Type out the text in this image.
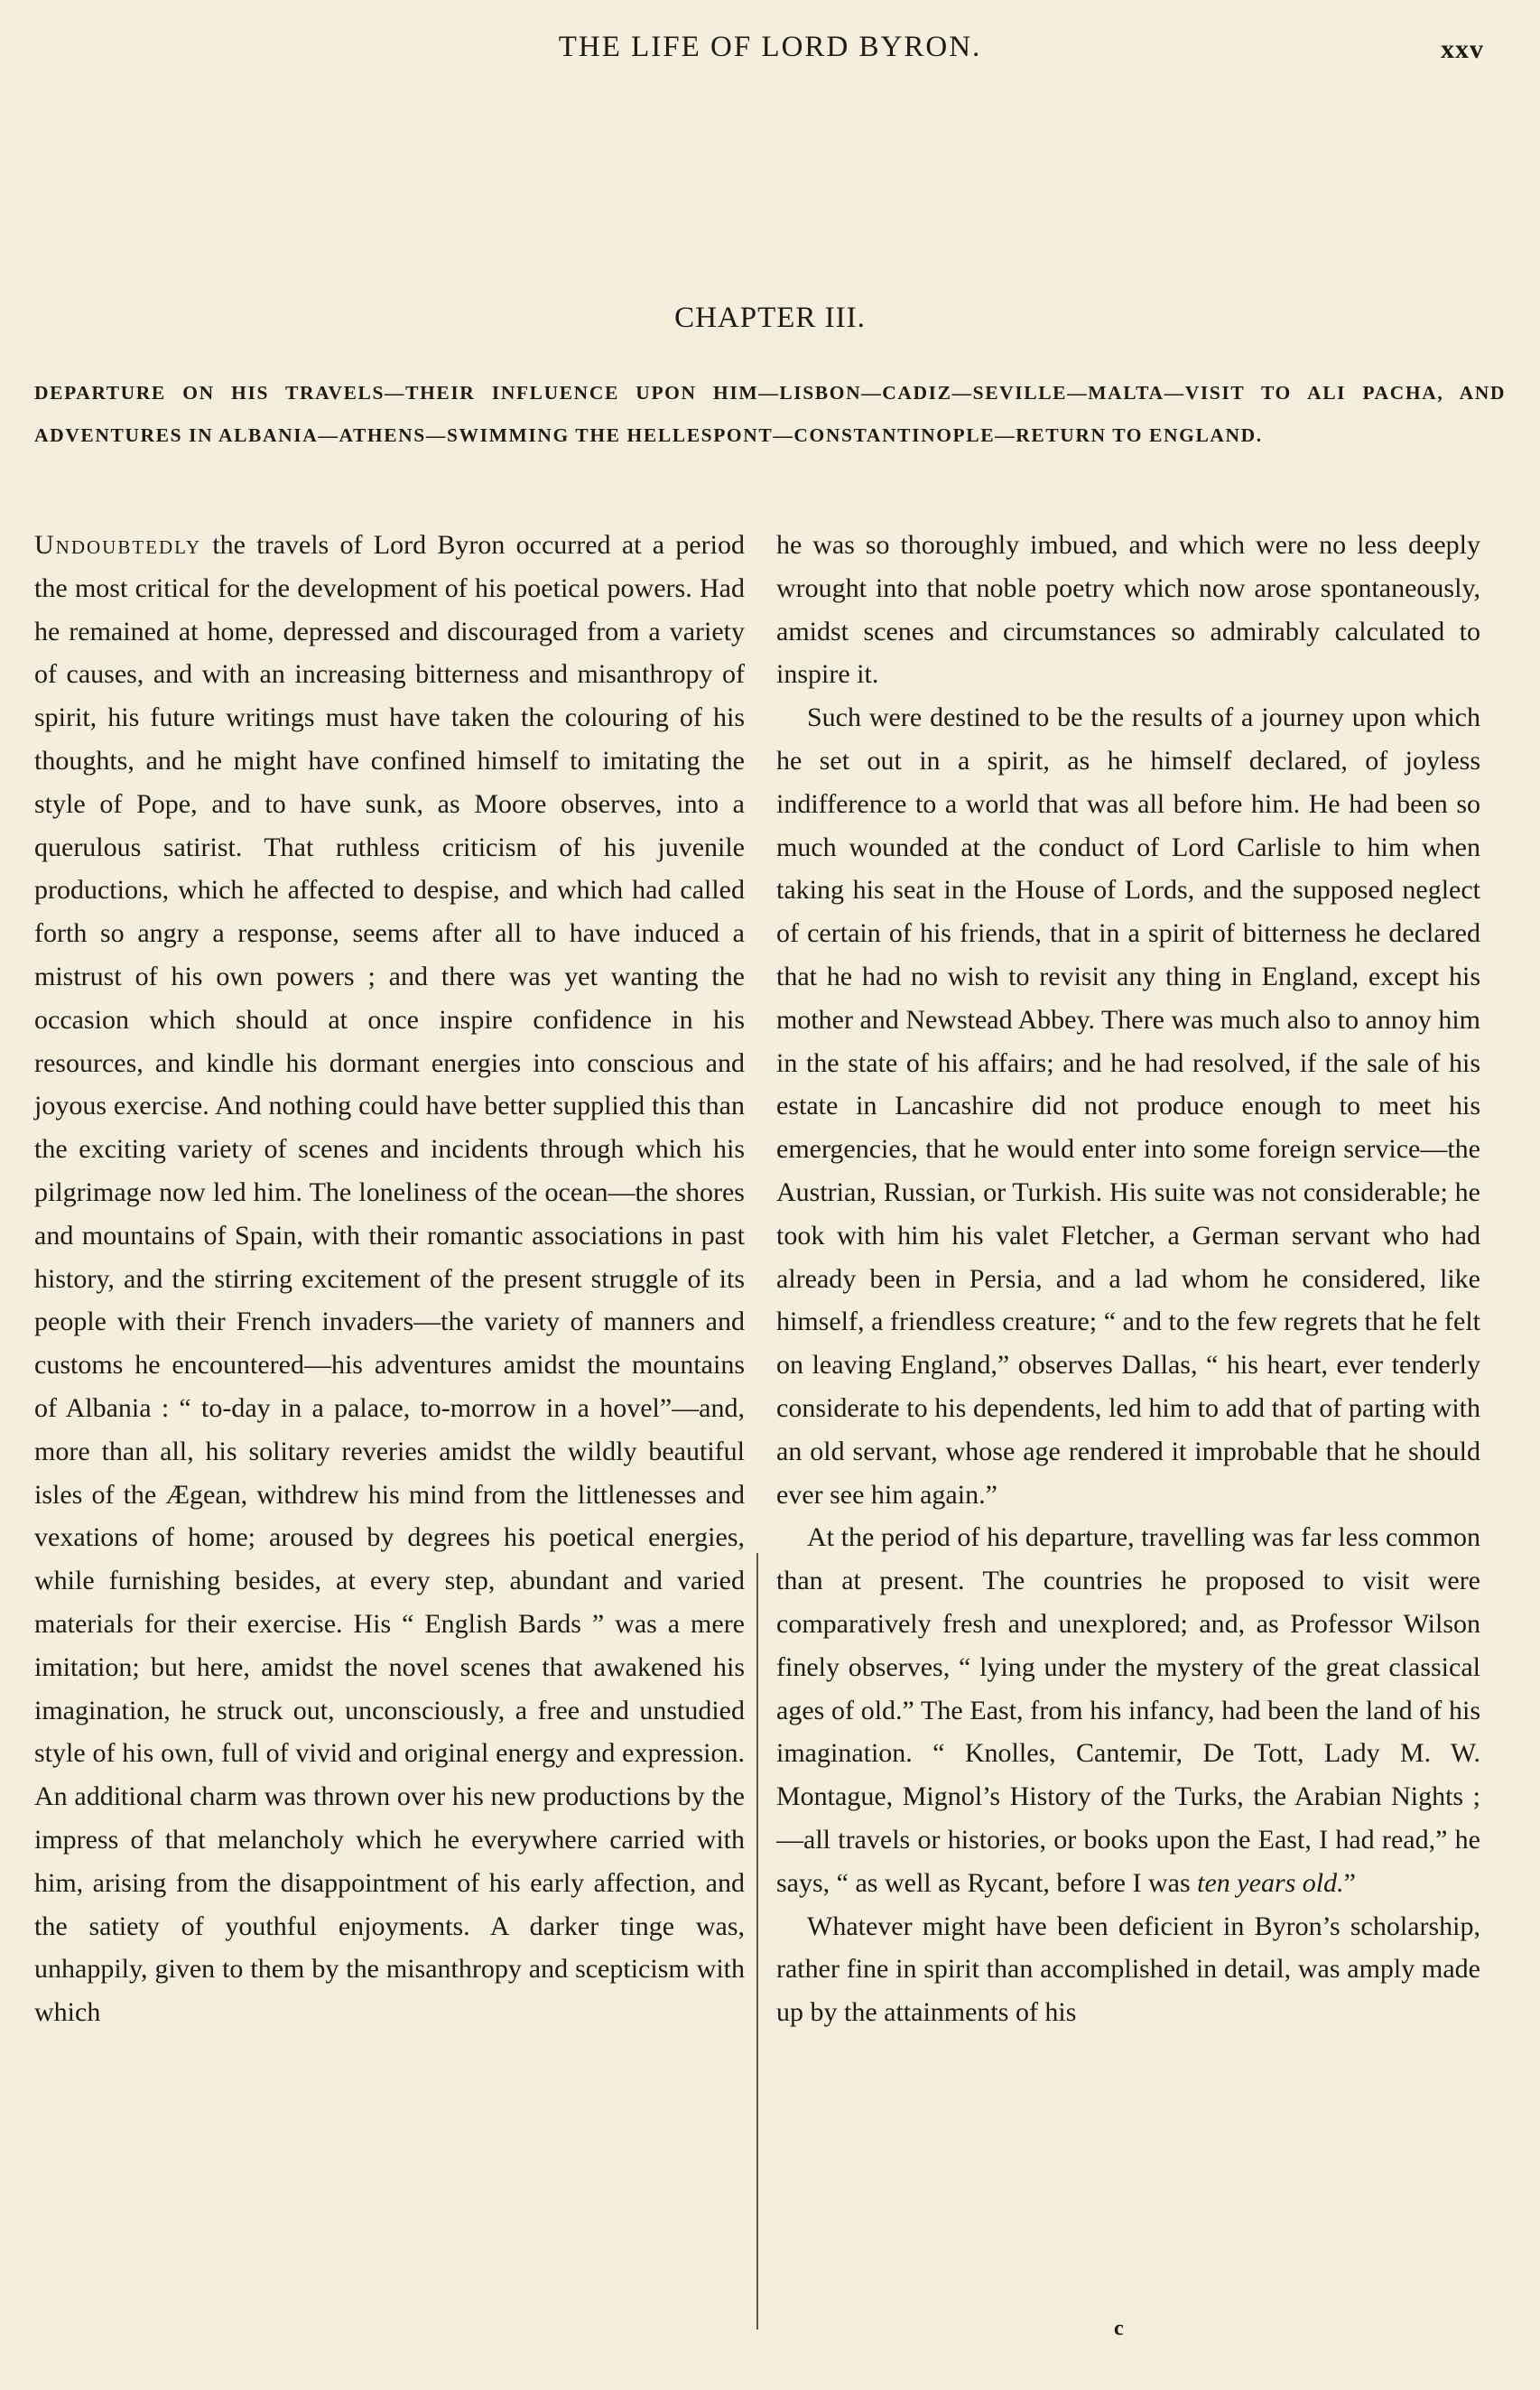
THE LIFE OF LORD BYRON.	xxv
CHAPTER III.
DEPARTURE ON HIS TRAVELS—THEIR INFLUENCE UPON HIM—LISBON—CADIZ—SEVILLE—MALTA—VISIT TO ALI PACHA, AND ADVENTURES IN ALBANIA—ATHENS—SWIMMING THE HELLESPONT—CONSTANTINOPLE—RETURN TO ENGLAND.

Undoubtedly the travels of Lord Byron occurred at a period the most critical for the development of his poetical powers. Had he remained at home, depressed and discouraged from a variety of causes, and with an increasing bitterness and misanthropy of spirit, his future writings must have taken the colouring of his thoughts, and he might have confined himself to imitating the style of Pope, and to have sunk, as Moore observes, into a querulous satirist. That ruthless criticism of his juvenile productions, which he affected to despise, and which had called forth so angry a response, seems after all to have induced a mistrust of his own powers ; and there was yet wanting the occasion which should at once inspire confidence in his resources, and kindle his dormant energies into conscious and joyous exercise. And nothing could have better supplied this than the exciting variety of scenes and incidents through which his pilgrimage now led him. The loneliness of the ocean—the shores and mountains of Spain, with their romantic associations in past history, and the stirring excitement of the present struggle of its people with their French invaders—the variety of manners and customs he encountered—his adventures amidst the mountains of Albania : “ to-day in a palace, to-morrow in a hovel”—and, more than all, his solitary reveries amidst the wildly beautiful isles of the Ægean, withdrew his mind from the littlenesses and vexations of home; aroused by degrees his poetical energies, while furnishing besides, at every step, abundant and varied materials for their exercise. His “ English Bards ” was a mere imitation; but here, amidst the novel scenes that awakened his imagination, he struck out, unconsciously, a free and unstudied style of his own, full of vivid and original energy and expression. An additional charm was thrown over his new productions by the impress of that melancholy which he everywhere carried with him, arising from the disappointment of his early affection, and the satiety of youthful enjoyments. A darker tinge was, unhappily, given to them by the misanthropy and scepticism with which

he was so thoroughly imbued, and which were no less deeply wrought into that noble poetry which now arose spontaneously, amidst scenes and circumstances so admirably calculated to inspire it.

Such were destined to be the results of a journey upon which he set out in a spirit, as he himself declared, of joyless indifference to a world that was all before him. He had been so much wounded at the conduct of Lord Carlisle to him when taking his seat in the House of Lords, and the supposed neglect of certain of his friends, that in a spirit of bitterness he declared that he had no wish to revisit any thing in England, except his mother and Newstead Abbey. There was much also to annoy him in the state of his affairs; and he had resolved, if the sale of his estate in Lancashire did not produce enough to meet his emergencies, that he would enter into some foreign service—the Austrian, Russian, or Turkish. His suite was not considerable; he took with him his valet Fletcher, a German servant who had already been in Persia, and a lad whom he considered, like himself, a friendless creature; “ and to the few regrets that he felt on leaving England,” observes Dallas, “ his heart, ever tenderly considerate to his dependents, led him to add that of parting with an old servant, whose age rendered it improbable that he should ever see him again.”

At the period of his departure, travelling was far less common than at present. The countries he proposed to visit were comparatively fresh and unexplored; and, as Professor Wilson finely observes, “ lying under the mystery of the great classical ages of old.” The East, from his infancy, had been the land of his imagination. “ Knolles, Cantemir, De Tott, Lady M. W. Montague, Mignol’s History of the Turks, the Arabian Nights ;—all travels or histories, or books upon the East, I had read,” he says, “ as well as Rycant, before I was ten years old.”

Whatever might have been deficient in Byron’s scholarship, rather fine in spirit than accomplished in detail, was amply made up by the attainments of his

c
